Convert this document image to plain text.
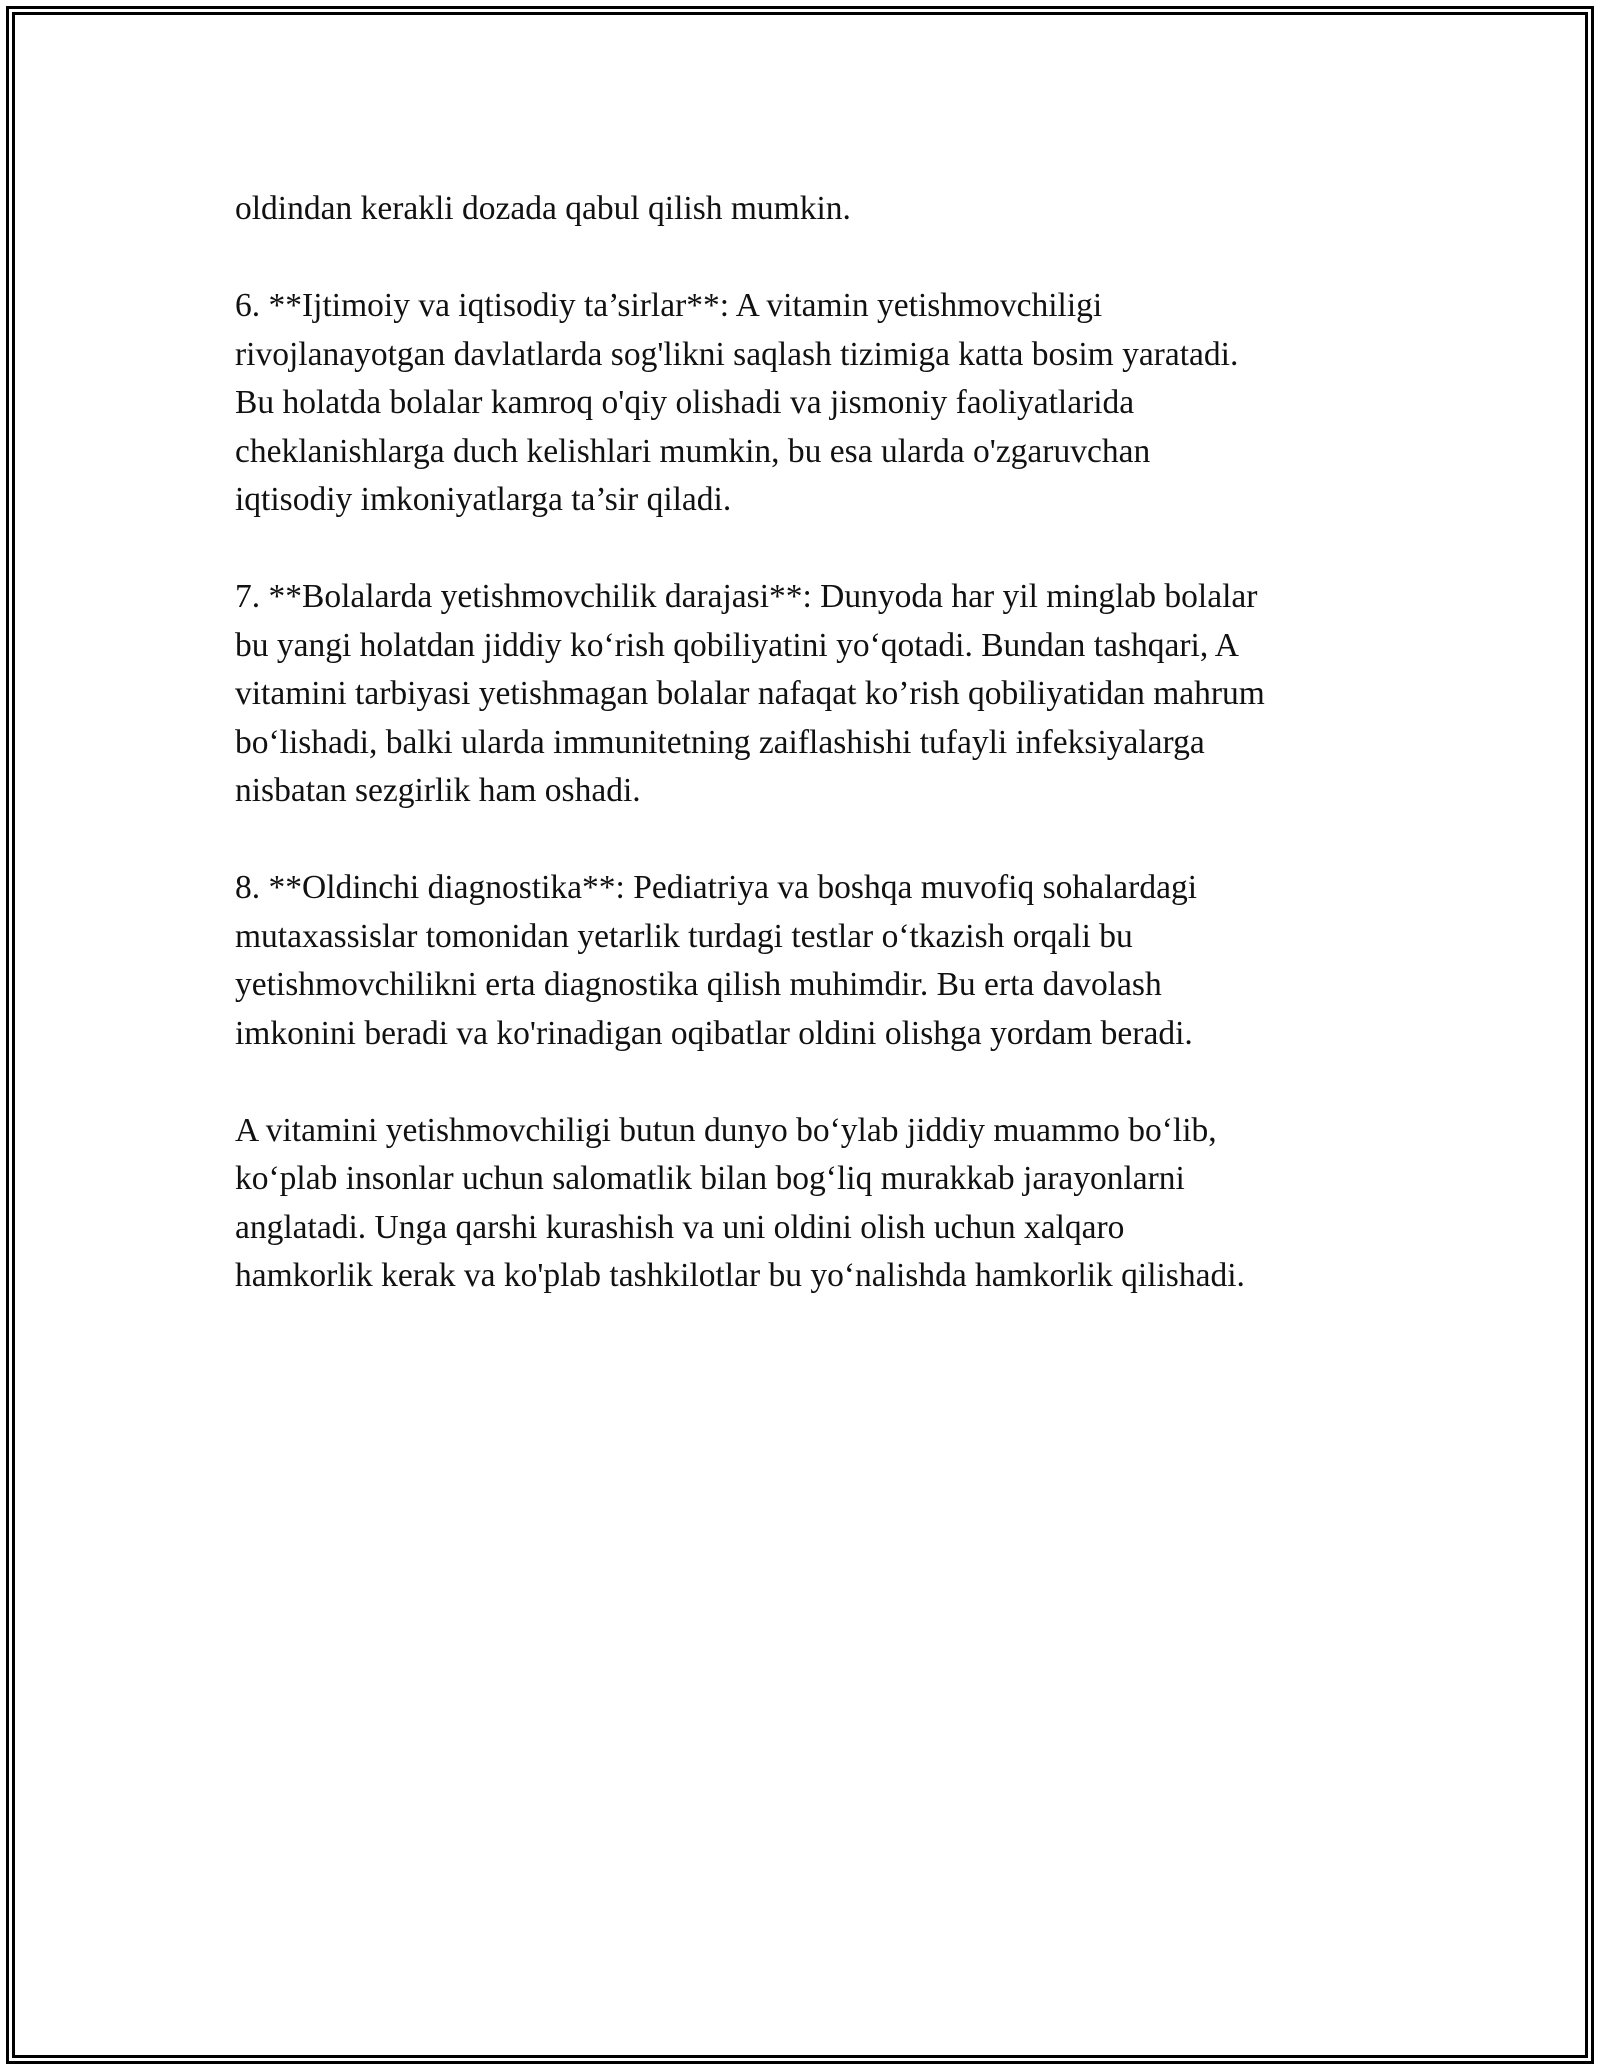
oldindan kerakli dozada qabul qilish mumkin.

6. **Ijtimoiy va iqtisodiy ta’sirlar**: A vitamin yetishmovchiligi
rivojlanayotgan davlatlarda sog'likni saqlash tizimiga katta bosim yaratadi.
Bu holatda bolalar kamroq o'qiy olishadi va jismoniy faoliyatlarida
cheklanishlarga duch kelishlari mumkin, bu esa ularda o'zgaruvchan
iqtisodiy imkoniyatlarga ta’sir qiladi.

7. **Bolalarda yetishmovchilik darajasi**: Dunyoda har yil minglab bolalar
bu yangi holatdan jiddiy ko‘rish qobiliyatini yo‘qotadi. Bundan tashqari, A
vitamini tarbiyasi yetishmagan bolalar nafaqat ko’rish qobiliyatidan mahrum
bo‘lishadi, balki ularda immunitetning zaiflashishi tufayli infeksiyalarga
nisbatan sezgirlik ham oshadi.

8. **Oldinchi diagnostika**: Pediatriya va boshqa muvofiq sohalardagi
mutaxassislar tomonidan yetarlik turdagi testlar o‘tkazish orqali bu
yetishmovchilikni erta diagnostika qilish muhimdir. Bu erta davolash
imkonini beradi va ko'rinadigan oqibatlar oldini olishga yordam beradi.

A vitamini yetishmovchiligi butun dunyo bo‘ylab jiddiy muammo bo‘lib,
ko‘plab insonlar uchun salomatlik bilan bog‘liq murakkab jarayonlarni
anglatadi. Unga qarshi kurashish va uni oldini olish uchun xalqaro
hamkorlik kerak va ko'plab tashkilotlar bu yo‘nalishda hamkorlik qilishadi.
